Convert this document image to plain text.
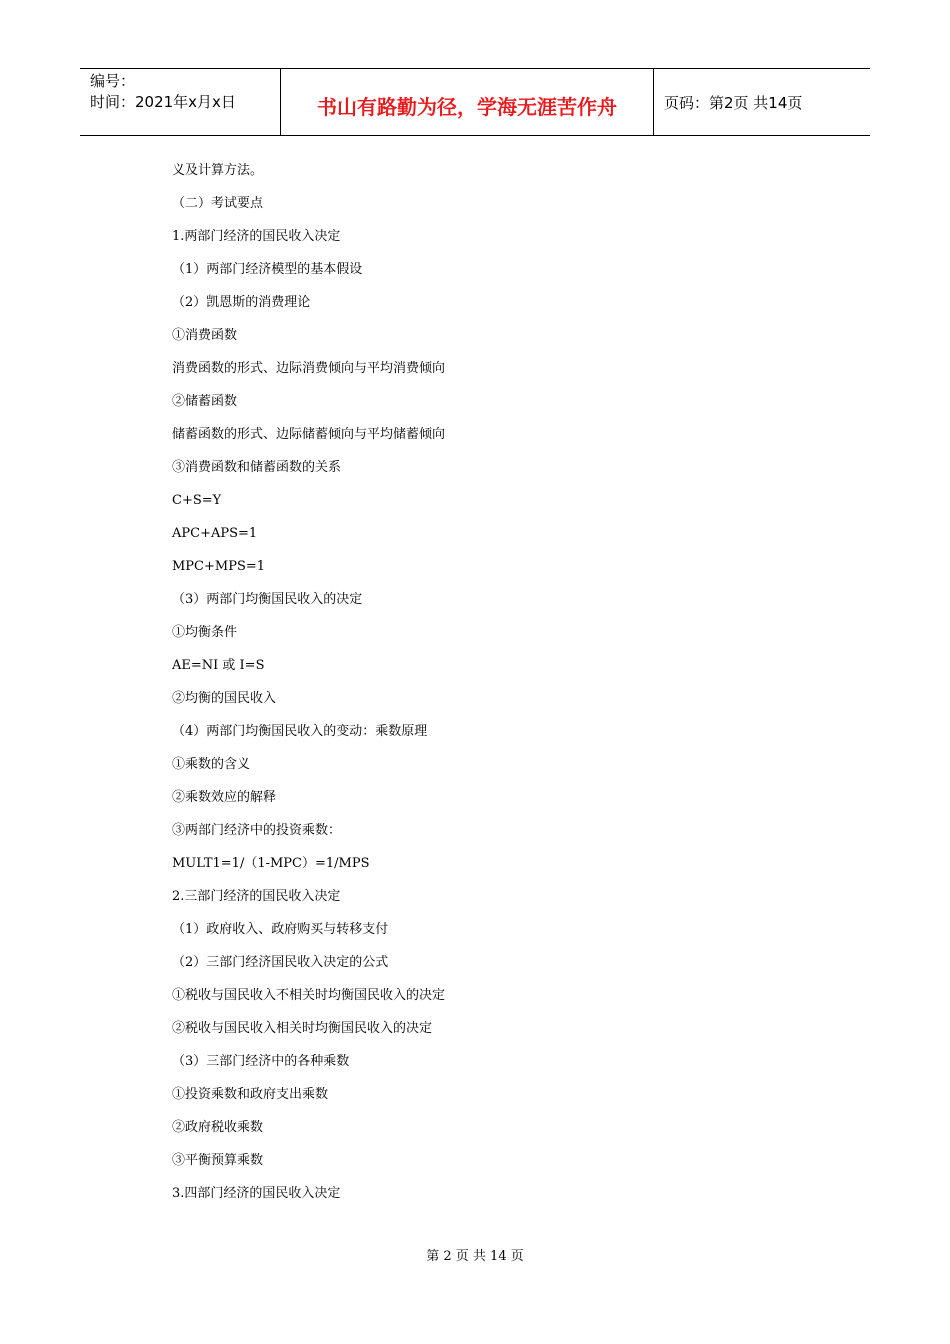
编号：
时间：2021年x月x日	书山有路勤为径，学海无涯苦作舟	页码：第2页 共14页
义及计算方法。
（二）考试要点
1.两部门经济的国民收入决定
（1）两部门经济模型的基本假设
（2）凯恩斯的消费理论
①消费函数
消费函数的形式、边际消费倾向与平均消费倾向
②储蓄函数
储蓄函数的形式、边际储蓄倾向与平均储蓄倾向
③消费函数和储蓄函数的关系
C+S=Y
APC+APS=1
MPC+MPS=1
（3）两部门均衡国民收入的决定
①均衡条件
AE=NI 或 I=S
②均衡的国民收入
（4）两部门均衡国民收入的变动：乘数原理
①乘数的含义
②乘数效应的解释
③两部门经济中的投资乘数：
MULT1=1/（1-MPC）=1/MPS
2.三部门经济的国民收入决定
（1）政府收入、政府购买与转移支付
（2）三部门经济国民收入决定的公式
①税收与国民收入不相关时均衡国民收入的决定
②税收与国民收入相关时均衡国民收入的决定
（3）三部门经济中的各种乘数
①投资乘数和政府支出乘数
②政府税收乘数
③平衡预算乘数
3.四部门经济的国民收入决定
第 2 页 共 14 页
